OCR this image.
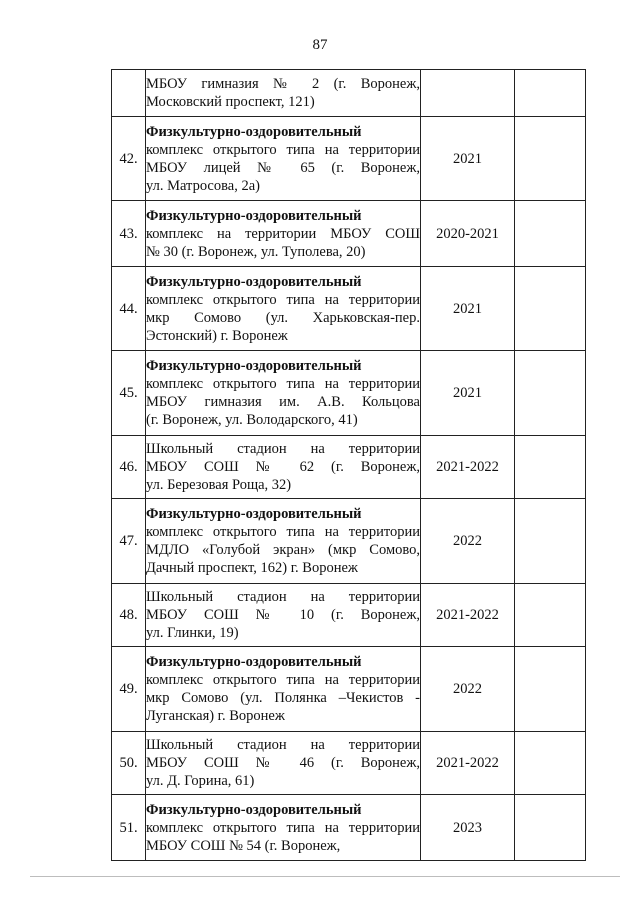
87

	МБОУ гимназия № 2 (г. Воронеж,
Московский проспект, 121)		

42.	Физкультурно-оздоровительный
комплекс открытого типа на территории
МБОУ лицей № 65 (г. Воронеж,
ул. Матросова, 2а)	2021	
43.	Физкультурно-оздоровительный
комплекс на территории МБОУ СОШ
№ 30 (г. Воронеж, ул. Туполева, 20)	2020-2021	
44.	Физкультурно-оздоровительный
комплекс открытого типа на территории
мкр Сомово (ул. Харьковская-пер.
Эстонский) г. Воронеж	2021	
45.	Физкультурно-оздоровительный
комплекс открытого типа на территории
МБОУ гимназия им. А.В. Кольцова
(г. Воронеж, ул. Володарского, 41)	2021	
46.	Школьный стадион на территории
МБОУ СОШ № 62 (г. Воронеж,
ул. Березовая Роща, 32)	2021-2022	
47.	Физкультурно-оздоровительный
комплекс открытого типа на территории
МДЛО «Голубой экран» (мкр Сомово,
Дачный проспект, 162) г. Воронеж	2022	
48.	Школьный стадион на территории
МБОУ СОШ № 10 (г. Воронеж,
ул. Глинки, 19)	2021-2022	
49.	Физкультурно-оздоровительный
комплекс открытого типа на территории
мкр Сомово (ул. Полянка –Чекистов -
Луганская) г. Воронеж	2022	
50.	Школьный стадион на территории
МБОУ СОШ № 46 (г. Воронеж,
ул. Д. Горина, 61)	2021-2022	
51.	Физкультурно-оздоровительный
комплекс открытого типа на территории
МБОУ СОШ № 54 (г. Воронеж,	2023	
